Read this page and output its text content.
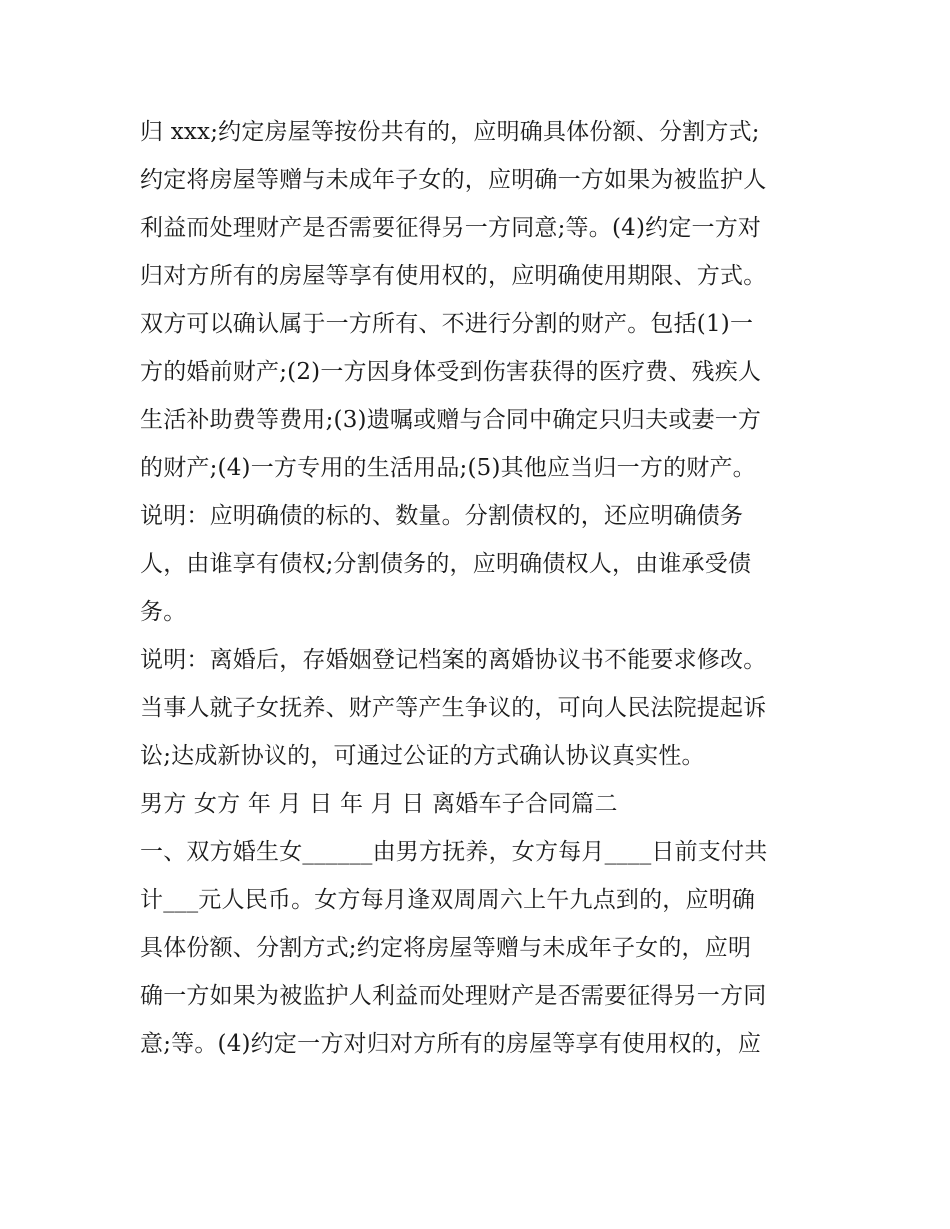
归 xxx;约定房屋等按份共有的，应明确具体份额、分割方式;
约定将房屋等赠与未成年子女的，应明确一方如果为被监护人
利益而处理财产是否需要征得另一方同意;等。(4)约定一方对
归对方所有的房屋等享有使用权的，应明确使用期限、方式。
双方可以确认属于一方所有、不进行分割的财产。包括(1)一
方的婚前财产;(2)一方因身体受到伤害获得的医疗费、残疾人
生活补助费等费用;(3)遗嘱或赠与合同中确定只归夫或妻一方
的财产;(4)一方专用的生活用品;(5)其他应当归一方的财产。
说明：应明确债的标的、数量。分割债权的，还应明确债务
人，由谁享有债权;分割债务的，应明确债权人，由谁承受债
务。
说明：离婚后，存婚姻登记档案的离婚协议书不能要求修改。
当事人就子女抚养、财产等产生争议的，可向人民法院提起诉
讼;达成新协议的，可通过公证的方式确认协议真实性。
男方 女方 年 月 日 年 月 日 离婚车子合同篇二
一、双方婚生女______由男方抚养，女方每月____日前支付共
计___元人民币。女方每月逢双周周六上午九点到的，应明确
具体份额、分割方式;约定将房屋等赠与未成年子女的，应明
确一方如果为被监护人利益而处理财产是否需要征得另一方同
意;等。(4)约定一方对归对方所有的房屋等享有使用权的，应
